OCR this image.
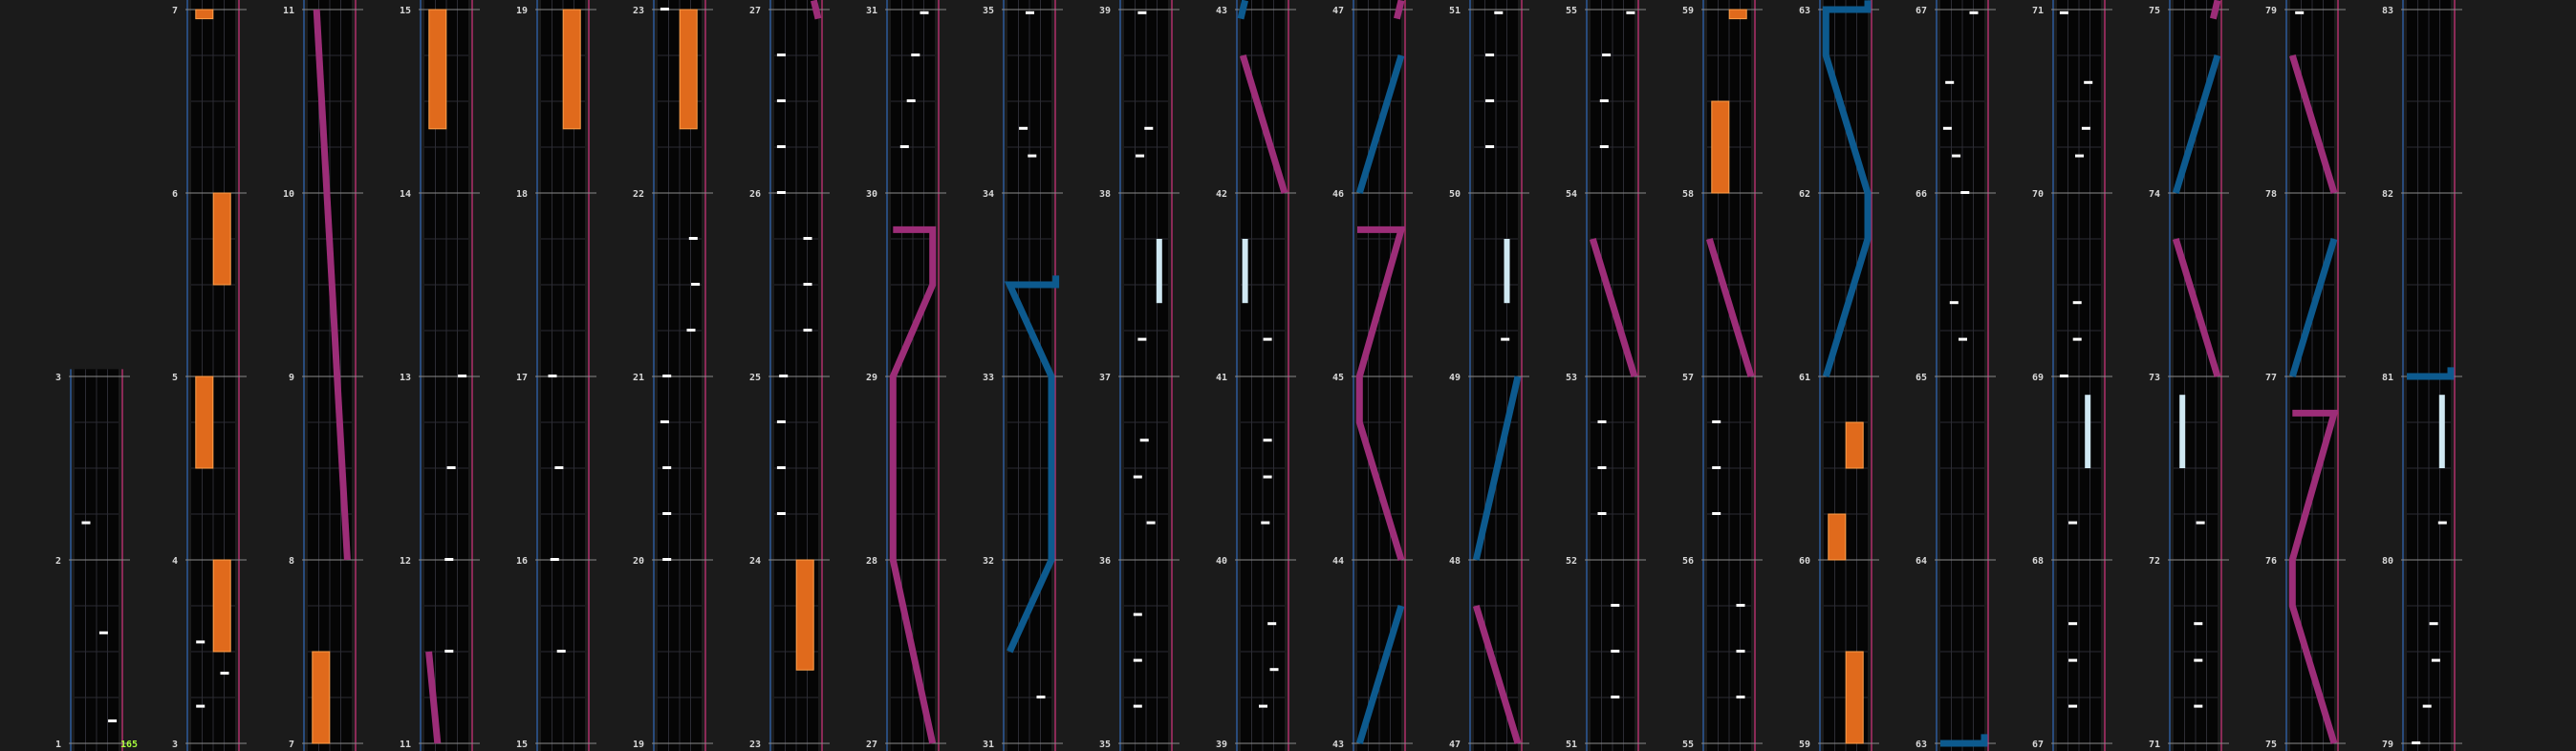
3
2
1
7
6
5
4
3
11
10
9
8
7
15
14
13
12
11
19
18
17
16
15
23
22
21
20
19
27
26
25
24
23
31
30
29
28
27
35
34
33
32
31
39
38
37
36
35
43
42
41
40
39
47
46
45
44
43
51
50
49
48
47
55
54
53
52
51
59
58
57
56
55
63
62
61
60
59
67
66
65
64
63
71
70
69
68
67
75
74
73
72
71
79
78
77
76
75
83
82
81
80
79
165
